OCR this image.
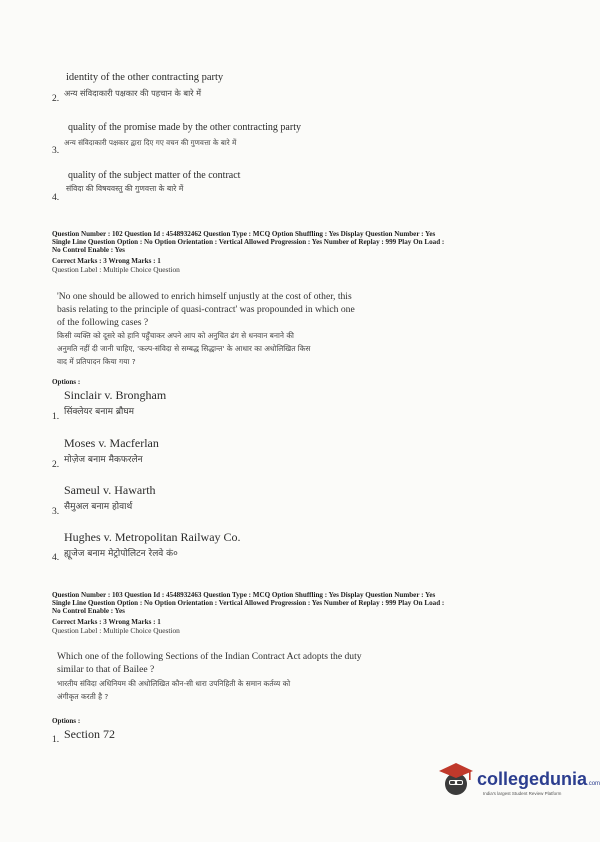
identity of the other contracting party
2.
अन्य संविदाकारी पक्षकार की पहचान के बारे में
quality of the promise made by the other contracting party
3.
अन्य संविदाकारी पक्षकार द्वारा दिए गए वचन की गुणवत्ता के बारे में
quality of the subject matter of the contract
4.
संविदा की विषयवस्तु की गुणवत्ता के बारे में
Question Number : 102 Question Id : 4548932462 Question Type : MCQ Option Shuffling : Yes Display Question Number : Yes
Single Line Question Option : No Option Orientation : Vertical Allowed Progression : Yes Number of Replay : 999 Play On Load :
No Control Enable : Yes
Correct Marks : 3 Wrong Marks : 1
Question Label : Multiple Choice Question
'No one should be allowed to enrich himself unjustly at the cost of other, this
basis relating to the principle of quasi-contract' was propounded in which one
of the following cases ?
किसी व्यक्ति को दूसरे को हानि पहुँचाकर अपने आप को अनुचित ढंग से धनवान बनाने की
अनुमति नहीं दी जानी चाहिए, 'कल्प-संविदा से सम्बद्ध सिद्धान्त' के आधार का अधोलिखित किस
वाद में प्रतिपादन किया गया ?
Options :
Sinclair v. Brongham
1. सिंक्लेयर बनाम ब्रौघम
Moses v. Macferlan
2. मोज़ेज बनाम मैकफरलेन
Sameul v. Hawarth
3. सैमुअल बनाम होवार्थ
Hughes v. Metropolitan Railway Co.
4. ह्यूजेज बनाम मेट्रोपोलिटन रेलवे कं०
Question Number : 103 Question Id : 4548932463 Question Type : MCQ Option Shuffling : Yes Display Question Number : Yes
Single Line Question Option : No Option Orientation : Vertical Allowed Progression : Yes Number of Replay : 999 Play On Load :
No Control Enable : Yes
Correct Marks : 3 Wrong Marks : 1
Question Label : Multiple Choice Question
Which one of the following Sections of the Indian Contract Act adopts the duty
similar to that of Bailee ?
भारतीय संविदा अधिनियम की अधोलिखित कौन-सी धारा उपनिहिती के समान कर्तव्य को
अंगीकृत करती है ?
Options :
Section 72
1.
collegedunia.com
India's largest Student Review Platform
